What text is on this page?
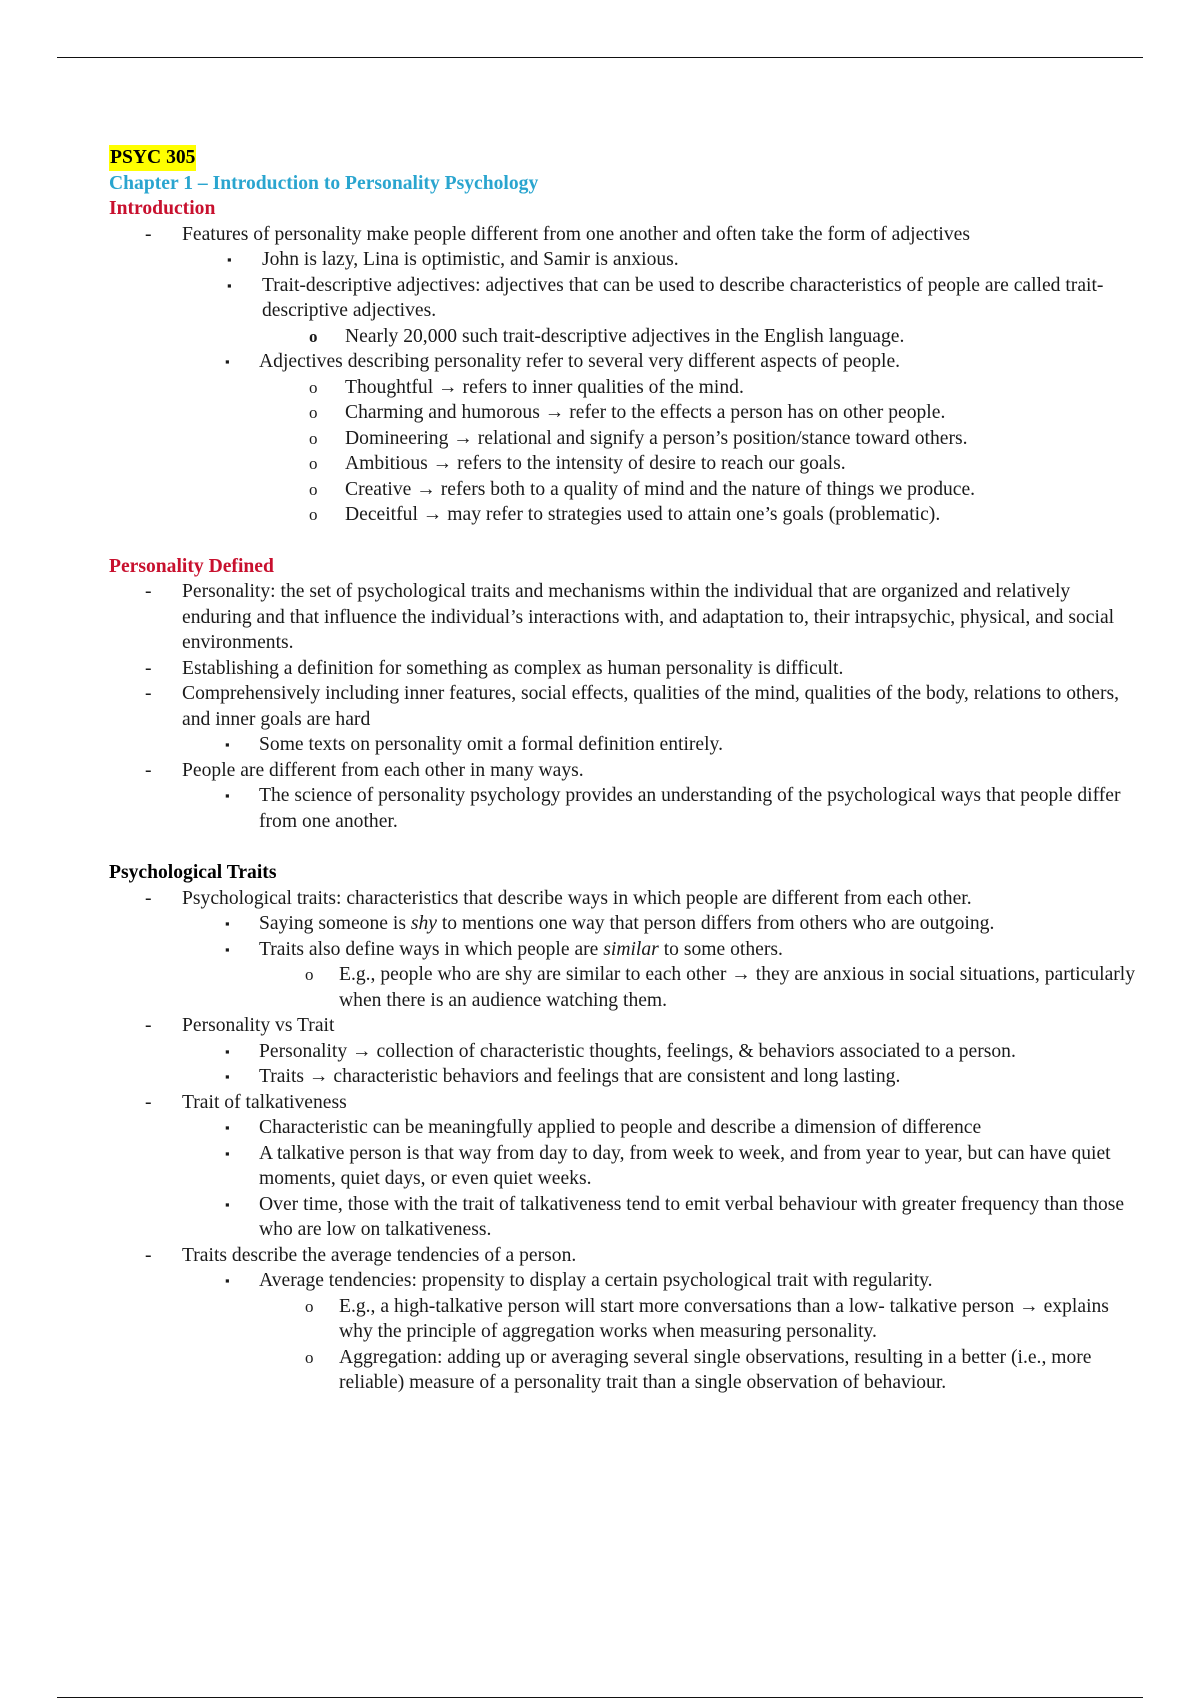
PSYC 305
Chapter 1 – Introduction to Personality Psychology
Introduction
- Features of personality make people different from one another and often take the form of adjectives
▪ John is lazy, Lina is optimistic, and Samir is anxious.
▪ Trait-descriptive adjectives: adjectives that can be used to describe characteristics of people are called trait-descriptive adjectives.
o Nearly 20,000 such trait-descriptive adjectives in the English language.
▪ Adjectives describing personality refer to several very different aspects of people.
o Thoughtful → refers to inner qualities of the mind.
o Charming and humorous → refer to the effects a person has on other people.
o Domineering → relational and signify a person’s position/stance toward others.
o Ambitious → refers to the intensity of desire to reach our goals.
o Creative → refers both to a quality of mind and the nature of things we produce.
o Deceitful → may refer to strategies used to attain one’s goals (problematic).
Personality Defined
- Personality: the set of psychological traits and mechanisms within the individual that are organized and relatively enduring and that influence the individual’s interactions with, and adaptation to, their intrapsychic, physical, and social environments.
- Establishing a definition for something as complex as human personality is difficult.
- Comprehensively including inner features, social effects, qualities of the mind, qualities of the body, relations to others, and inner goals are hard
▪ Some texts on personality omit a formal definition entirely.
- People are different from each other in many ways.
▪ The science of personality psychology provides an understanding of the psychological ways that people differ from one another.
Psychological Traits
- Psychological traits: characteristics that describe ways in which people are different from each other.
▪ Saying someone is shy to mentions one way that person differs from others who are outgoing.
▪ Traits also define ways in which people are similar to some others.
o E.g., people who are shy are similar to each other → they are anxious in social situations, particularly when there is an audience watching them.
- Personality vs Trait
▪ Personality → collection of characteristic thoughts, feelings, & behaviors associated to a person.
▪ Traits → characteristic behaviors and feelings that are consistent and long lasting.
- Trait of talkativeness
▪ Characteristic can be meaningfully applied to people and describe a dimension of difference
▪ A talkative person is that way from day to day, from week to week, and from year to year, but can have quiet moments, quiet days, or even quiet weeks.
▪ Over time, those with the trait of talkativeness tend to emit verbal behaviour with greater frequency than those who are low on talkativeness.
- Traits describe the average tendencies of a person.
▪ Average tendencies: propensity to display a certain psychological trait with regularity.
o E.g., a high-talkative person will start more conversations than a low- talkative person → explains why the principle of aggregation works when measuring personality.
o Aggregation: adding up or averaging several single observations, resulting in a better (i.e., more reliable) measure of a personality trait than a single observation of behaviour.
